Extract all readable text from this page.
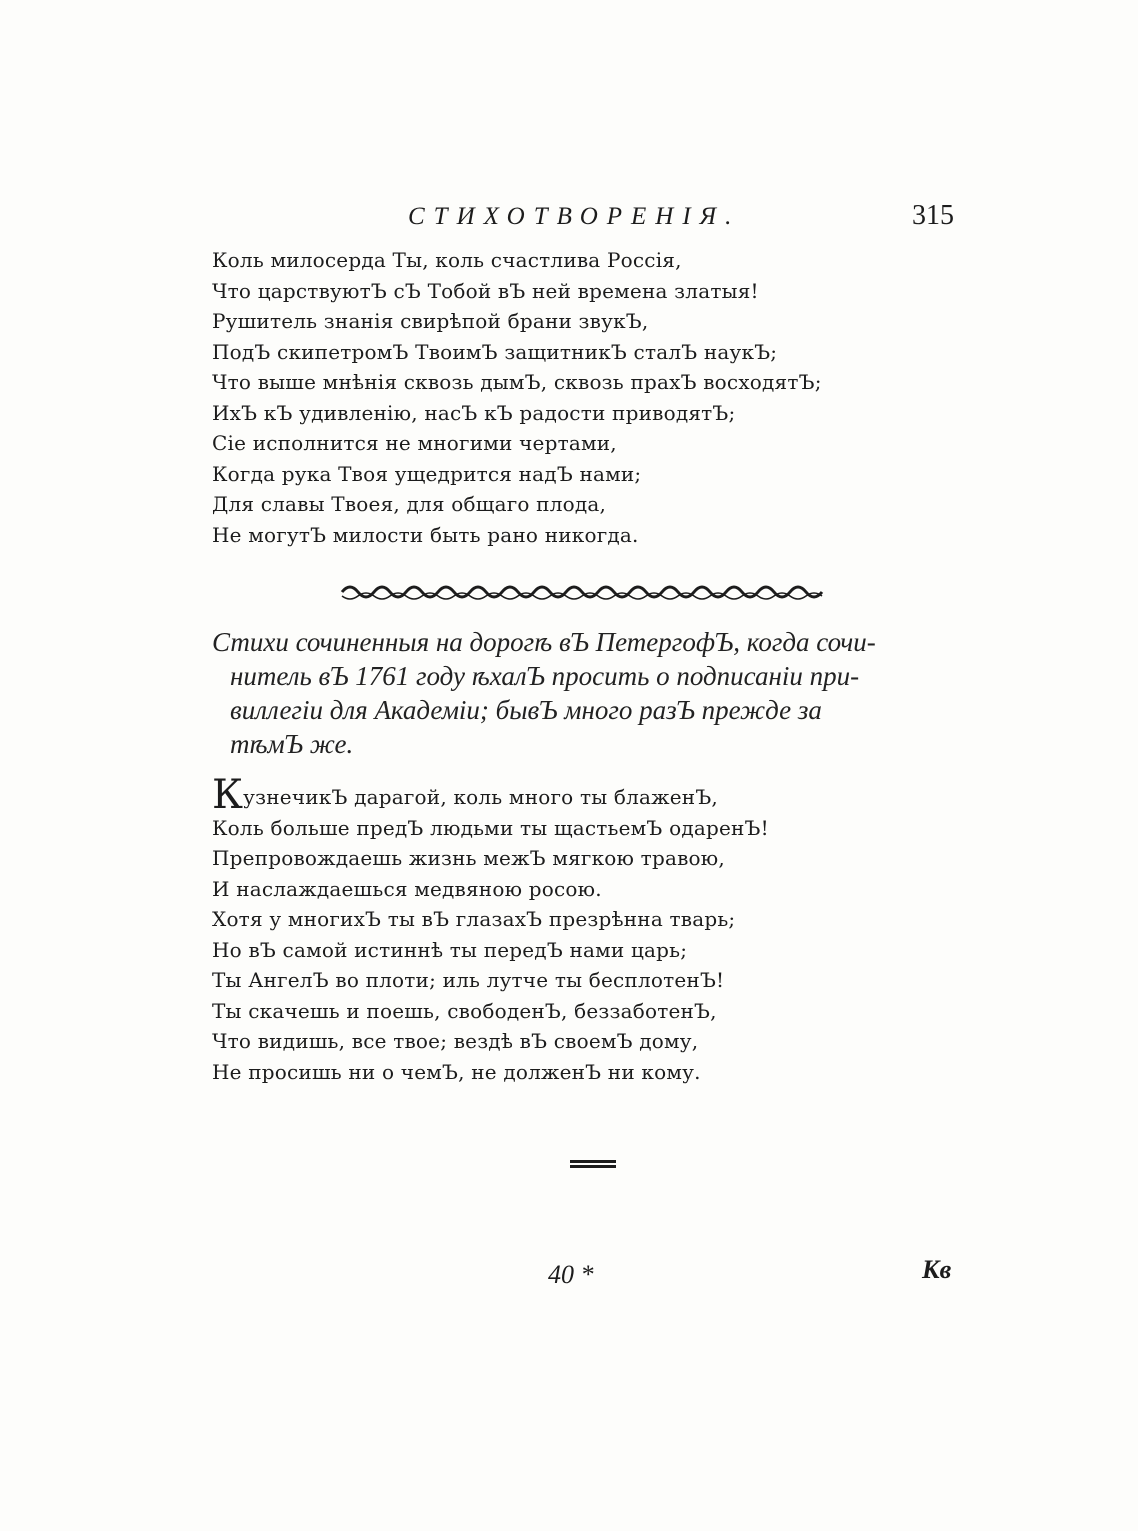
СТИХОТВОРЕНІЯ.	315
Коль милосерда Ты, коль счастлива Россія,
Что царствуютЪ сЪ Тобой вЪ ней времена златыя!
Рушитель знанія свирѣпой брани звукЪ,
ПодЪ скипетромЪ ТвоимЪ защитникЪ сталЪ наукЪ;
Что выше мнѣнія сквозь дымЪ, сквозь прахЪ восходятЪ;
ИхЪ кЪ удивленію, насЪ кЪ радости приводятЪ;
Сіе исполнится не многими чертами,
Когда рука Твоя ущедрится надЪ нами;
Для славы Твоея, для общаго плода,
Не могутЪ милости быть рано никогда.
Стихи сочиненныя на дорогѣ вЪ ПетергофЪ, когда сочи-
нитель вЪ 1761 году ѣхалЪ просить о подписаніи при-
виллегіи для Академіи; бывЪ много разЪ прежде за
тѣмЪ же.
КузнечикЪ дарагой, коль много ты блаженЪ,
Коль больше предЪ людьми ты щастьемЪ одаренЪ!
Препровождаешь жизнь межЪ мягкою травою,
И наслаждаешься медвяною росою.
Хотя у многихЪ ты вЪ глазахЪ презрѣнна тварь;
Но вЪ самой истиннѣ ты передЪ нами царь;
Ты АнгелЪ во плоти; иль лутче ты бесплотенЪ!
Ты скачешь и поешь, свободенЪ, беззаботенЪ,
Что видишь, все твое; вездѣ вЪ своемЪ дому,
Не просишь ни о чемЪ, не долженЪ ни кому.
40 *	Кв
